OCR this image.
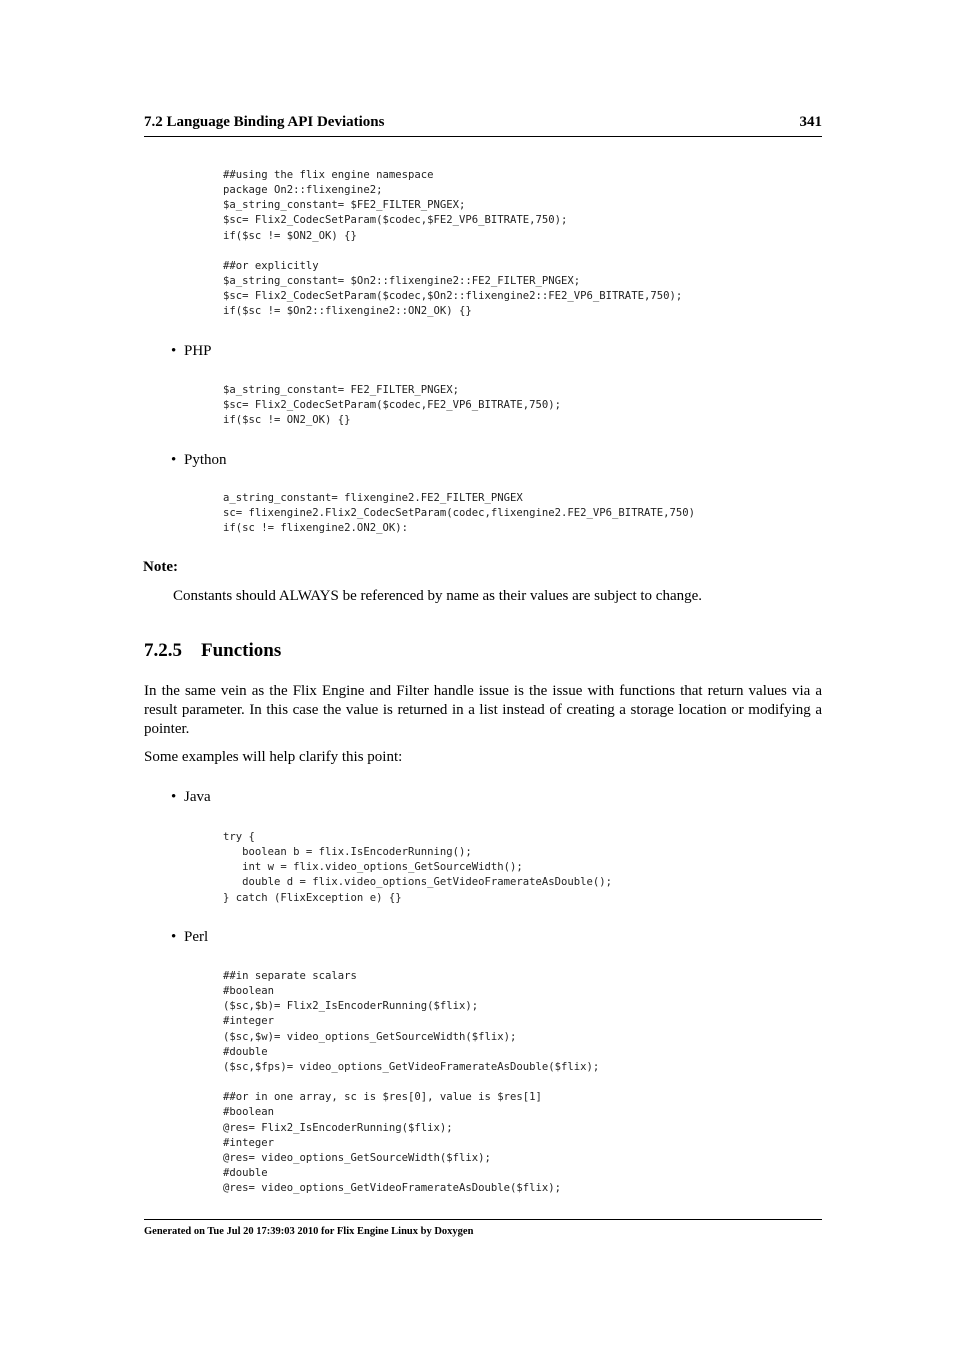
7.2 Language Binding API Deviations	341
##using the flix engine namespace
package On2::flixengine2;
$a_string_constant= $FE2_FILTER_PNGEX;
$sc= Flix2_CodecSetParam($codec,$FE2_VP6_BITRATE,750);
if($sc != $ON2_OK) {}

##or explicitly
$a_string_constant= $On2::flixengine2::FE2_FILTER_PNGEX;
$sc= Flix2_CodecSetParam($codec,$On2::flixengine2::FE2_VP6_BITRATE,750);
if($sc != $On2::flixengine2::ON2_OK) {}
• PHP
$a_string_constant= FE2_FILTER_PNGEX;
$sc= Flix2_CodecSetParam($codec,FE2_VP6_BITRATE,750);
if($sc != ON2_OK) {}
• Python
a_string_constant= flixengine2.FE2_FILTER_PNGEX
sc= flixengine2.Flix2_CodecSetParam(codec,flixengine2.FE2_VP6_BITRATE,750)
if(sc != flixengine2.ON2_OK):
Note:
Constants should ALWAYS be referenced by name as their values are subject to change.
7.2.5 Functions

In the same vein as the Flix Engine and Filter handle issue is the issue with functions that return values via a result parameter. In this case the value is returned in a list instead of creating a storage location or modifying a pointer.

Some examples will help clarify this point:

• Java
try {
boolean b = flix.IsEncoderRunning();
int w = flix.video_options_GetSourceWidth();
double d = flix.video_options_GetVideoFramerateAsDouble();
} catch (FlixException e) {}
• Perl
##in separate scalars
#boolean
($sc,$b)= Flix2_IsEncoderRunning($flix);
#integer
($sc,$w)= video_options_GetSourceWidth($flix);
#double
($sc,$fps)= video_options_GetVideoFramerateAsDouble($flix);

##or in one array, sc is $res[0], value is $res[1]
#boolean
@res= Flix2_IsEncoderRunning($flix);
#integer
@res= video_options_GetSourceWidth($flix);
#double
@res= video_options_GetVideoFramerateAsDouble($flix);
Generated on Tue Jul 20 17:39:03 2010 for Flix Engine Linux by Doxygen
